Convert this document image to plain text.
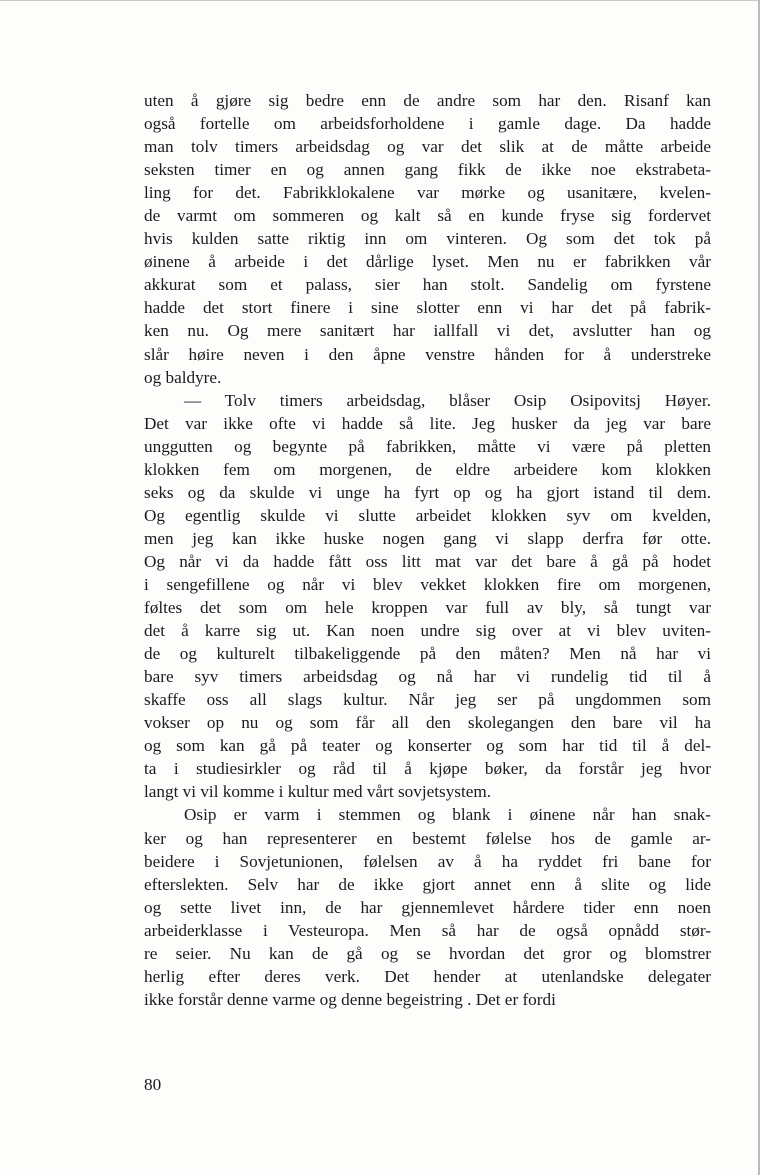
uten å gjøre sig bedre enn de andre som har den. Risanf kan
også fortelle om arbeidsforholdene i gamle dage. Da hadde
man tolv timers arbeidsdag og var det slik at de måtte arbeide
seksten timer en og annen gang fikk de ikke noe ekstrabeta-
ling for det. Fabrikklokalene var mørke og usanitære, kvelen-
de varmt om sommeren og kalt så en kunde fryse sig fordervet
hvis kulden satte riktig inn om vinteren. Og som det tok på
øinene å arbeide i det dårlige lyset. Men nu er fabrikken vår
akkurat som et palass, sier han stolt. Sandelig om fyrstene
hadde det stort finere i sine slotter enn vi har det på fabrik-
ken nu. Og mere sanitært har iallfall vi det, avslutter han og
slår høire neven i den åpne venstre hånden for å understreke
og baldyre.
— Tolv timers arbeidsdag, blåser Osip Osipovitsj Høyer.
Det var ikke ofte vi hadde så lite. Jeg husker da jeg var bare
unggutten og begynte på fabrikken, måtte vi være på pletten
klokken fem om morgenen, de eldre arbeidere kom klokken
seks og da skulde vi unge ha fyrt op og ha gjort istand til dem.
Og egentlig skulde vi slutte arbeidet klokken syv om kvelden,
men jeg kan ikke huske nogen gang vi slapp derfra før otte.
Og når vi da hadde fått oss litt mat var det bare å gå på hodet
i sengefillene og når vi blev vekket klokken fire om morgenen,
føltes det som om hele kroppen var full av bly, så tungt var
det å karre sig ut. Kan noen undre sig over at vi blev uviten-
de og kulturelt tilbakeliggende på den måten? Men nå har vi
bare syv timers arbeidsdag og nå har vi rundelig tid til å
skaffe oss all slags kultur. Når jeg ser på ungdommen som
vokser op nu og som får all den skolegangen den bare vil ha
og som kan gå på teater og konserter og som har tid til å del-
ta i studiesirkler og råd til å kjøpe bøker, da forstår jeg hvor
langt vi vil komme i kultur med vårt sovjetsystem.
Osip er varm i stemmen og blank i øinene når han snak-
ker og han representerer en bestemt følelse hos de gamle ar-
beidere i Sovjetunionen, følelsen av å ha ryddet fri bane for
efterslekten. Selv har de ikke gjort annet enn å slite og lide
og sette livet inn, de har gjennemlevet hårdere tider enn noen
arbeiderklasse i Vesteuropa. Men så har de også opnådd stør-
re seier. Nu kan de gå og se hvordan det gror og blomstrer
herlig efter deres verk. Det hender at utenlandske delegater
ikke forstår denne varme og denne begeistring . Det er fordi
80
